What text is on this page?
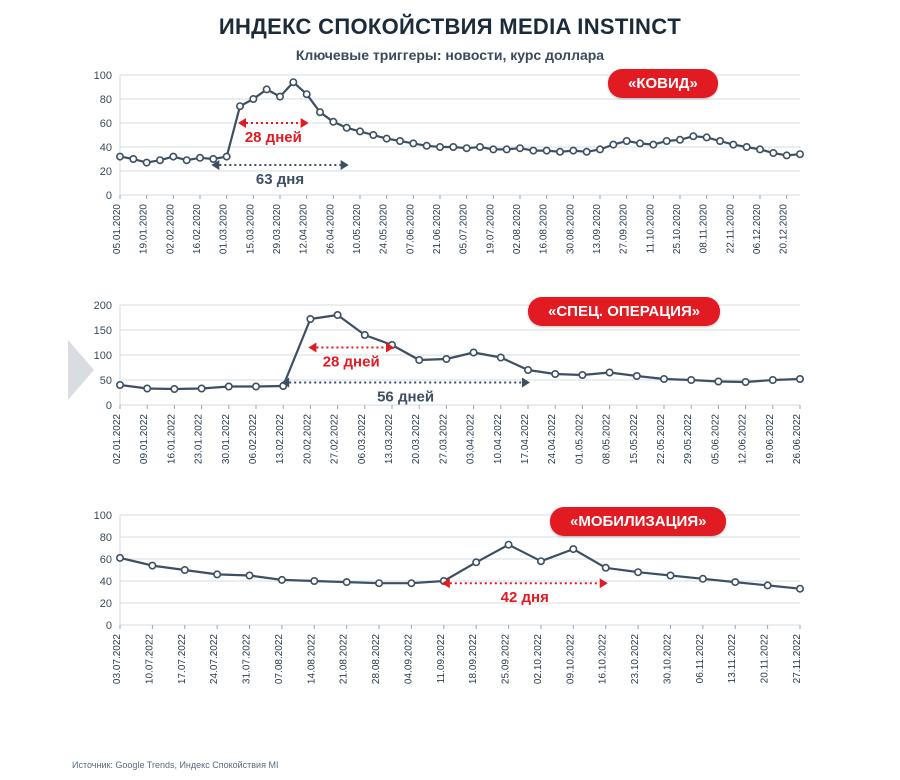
ИНДЕКС СПОКОЙСТВИЯ MEDIA INSTINCT
Ключевые триггеры: новости, курс доллара
0
20
40
60
80
100
05.01.2020 19.01.2020 02.02.2020 16.02.2020 01.03.2020 15.03.2020 29.03.2020 12.04.2020 26.04.2020 10.05.2020 24.05.2020 07.06.2020 21.06.2020 05.07.2020 19.07.2020 02.08.2020 16.08.2020 30.08.2020 13.09.2020 27.09.2020 11.10.2020 25.10.2020 08.11.2020 22.11.2020 06.12.2020 20.12.2020
28 дней
63 дня
«КОВИД»
0
50
100
150
200
02.01.2022 09.01.2022 16.01.2022 23.01.2022 30.01.2022 06.02.2022 13.02.2022 20.02.2022 27.02.2022 06.03.2022 13.03.2022 20.03.2022 27.03.2022 03.04.2022 10.04.2022 17.04.2022 24.04.2022 01.05.2022 08.05.2022 15.05.2022 22.05.2022 29.05.2022 05.06.2022 12.06.2022 19.06.2022 26.06.2022
28 дней
56 дней
«СПЕЦ. ОПЕРАЦИЯ»
0
20
40
60
80
100
03.07.2022 10.07.2022 17.07.2022 24.07.2022 31.07.2022 07.08.2022 14.08.2022 21.08.2022 28.08.2022 04.09.2022 11.09.2022 18.09.2022 25.09.2022 02.10.2022 09.10.2022 16.10.2022 23.10.2022 30.10.2022 06.11.2022 13.11.2022 20.11.2022 27.11.2022
42 дня
«МОБИЛИЗАЦИЯ»
Источник: Google Trends, Индекс Спокойствия MI
